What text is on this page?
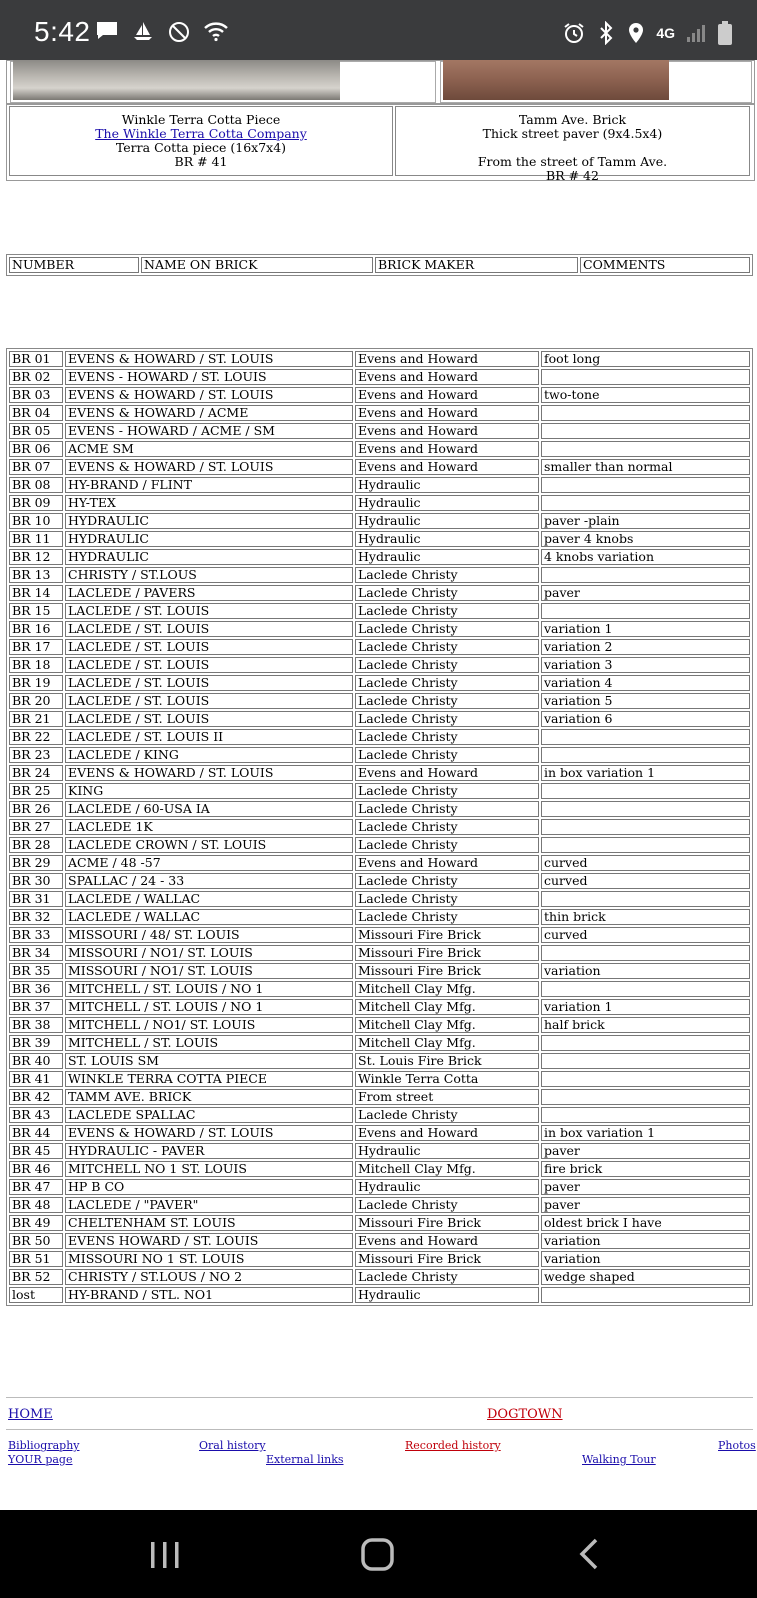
5:42	4G
Winkle Terra Cotta Piece
The Winkle Terra Cotta Company
Terra Cotta piece (16x7x4)
BR # 41
Tamm Ave. Brick
Thick street paver (9x4.5x4)
From the street of Tamm Ave.
BR # 42
NUMBER	NAME ON BRICK	BRICK MAKER	COMMENTS
BR 01	EVENS & HOWARD / ST. LOUIS	Evens and Howard	foot long
BR 02	EVENS - HOWARD / ST. LOUIS	Evens and Howard	
BR 03	EVENS & HOWARD / ST. LOUIS	Evens and Howard	two-tone
BR 04	EVENS & HOWARD / ACME	Evens and Howard	
BR 05	EVENS - HOWARD / ACME / SM	Evens and Howard	
BR 06	ACME SM	Evens and Howard	
BR 07	EVENS & HOWARD / ST. LOUIS	Evens and Howard	smaller than normal
BR 08	HY-BRAND / FLINT	Hydraulic	
BR 09	HY-TEX	Hydraulic	
BR 10	HYDRAULIC	Hydraulic	paver -plain
BR 11	HYDRAULIC	Hydraulic	paver 4 knobs
BR 12	HYDRAULIC	Hydraulic	4 knobs variation
BR 13	CHRISTY / ST.LOUS	Laclede Christy	
BR 14	LACLEDE / PAVERS	Laclede Christy	paver
BR 15	LACLEDE / ST. LOUIS	Laclede Christy	
BR 16	LACLEDE / ST. LOUIS	Laclede Christy	variation 1
BR 17	LACLEDE / ST. LOUIS	Laclede Christy	variation 2
BR 18	LACLEDE / ST. LOUIS	Laclede Christy	variation 3
BR 19	LACLEDE / ST. LOUIS	Laclede Christy	variation 4
BR 20	LACLEDE / ST. LOUIS	Laclede Christy	variation 5
BR 21	LACLEDE / ST. LOUIS	Laclede Christy	variation 6
BR 22	LACLEDE / ST. LOUIS II	Laclede Christy	
BR 23	LACLEDE / KING	Laclede Christy	
BR 24	EVENS & HOWARD / ST. LOUIS	Evens and Howard	in box variation 1
BR 25	KING	Laclede Christy	
BR 26	LACLEDE / 60-USA IA	Laclede Christy	
BR 27	LACLEDE 1K	Laclede Christy	
BR 28	LACLEDE CROWN / ST. LOUIS	Laclede Christy	
BR 29	ACME / 48 -57	Evens and Howard	curved
BR 30	SPALLAC / 24 - 33	Laclede Christy	curved
BR 31	LACLEDE / WALLAC	Laclede Christy	
BR 32	LACLEDE / WALLAC	Laclede Christy	thin brick
BR 33	MISSOURI / 48/ ST. LOUIS	Missouri Fire Brick	curved
BR 34	MISSOURI / NO1/ ST. LOUIS	Missouri Fire Brick	
BR 35	MISSOURI / NO1/ ST. LOUIS	Missouri Fire Brick	variation
BR 36	MITCHELL / ST. LOUIS / NO 1	Mitchell Clay Mfg.	
BR 37	MITCHELL / ST. LOUIS / NO 1	Mitchell Clay Mfg.	variation 1
BR 38	MITCHELL / NO1/ ST. LOUIS	Mitchell Clay Mfg.	half brick
BR 39	MITCHELL / ST. LOUIS	Mitchell Clay Mfg.	
BR 40	ST. LOUIS SM	St. Louis Fire Brick	
BR 41	WINKLE TERRA COTTA PIECE	Winkle Terra Cotta	
BR 42	TAMM AVE. BRICK	From street	
BR 43	LACLEDE SPALLAC	Laclede Christy	
BR 44	EVENS & HOWARD / ST. LOUIS	Evens and Howard	in box variation 1
BR 45	HYDRAULIC - PAVER	Hydraulic	paver
BR 46	MITCHELL NO 1 ST. LOUIS	Mitchell Clay Mfg.	fire brick
BR 47	HP B CO	Hydraulic	paver
BR 48	LACLEDE / "PAVER"	Laclede Christy	paver
BR 49	CHELTENHAM ST. LOUIS	Missouri Fire Brick	oldest brick I have
BR 50	EVENS HOWARD / ST. LOUIS	Evens and Howard	variation
BR 51	MISSOURI NO 1 ST. LOUIS	Missouri Fire Brick	variation
BR 52	CHRISTY / ST.LOUS / NO 2	Laclede Christy	wedge shaped
lost	HY-BRAND / STL. NO1	Hydraulic	
HOME	DOGTOWN
Bibliography	Oral history	Recorded history	Photos
YOUR page	External links	Walking Tour
